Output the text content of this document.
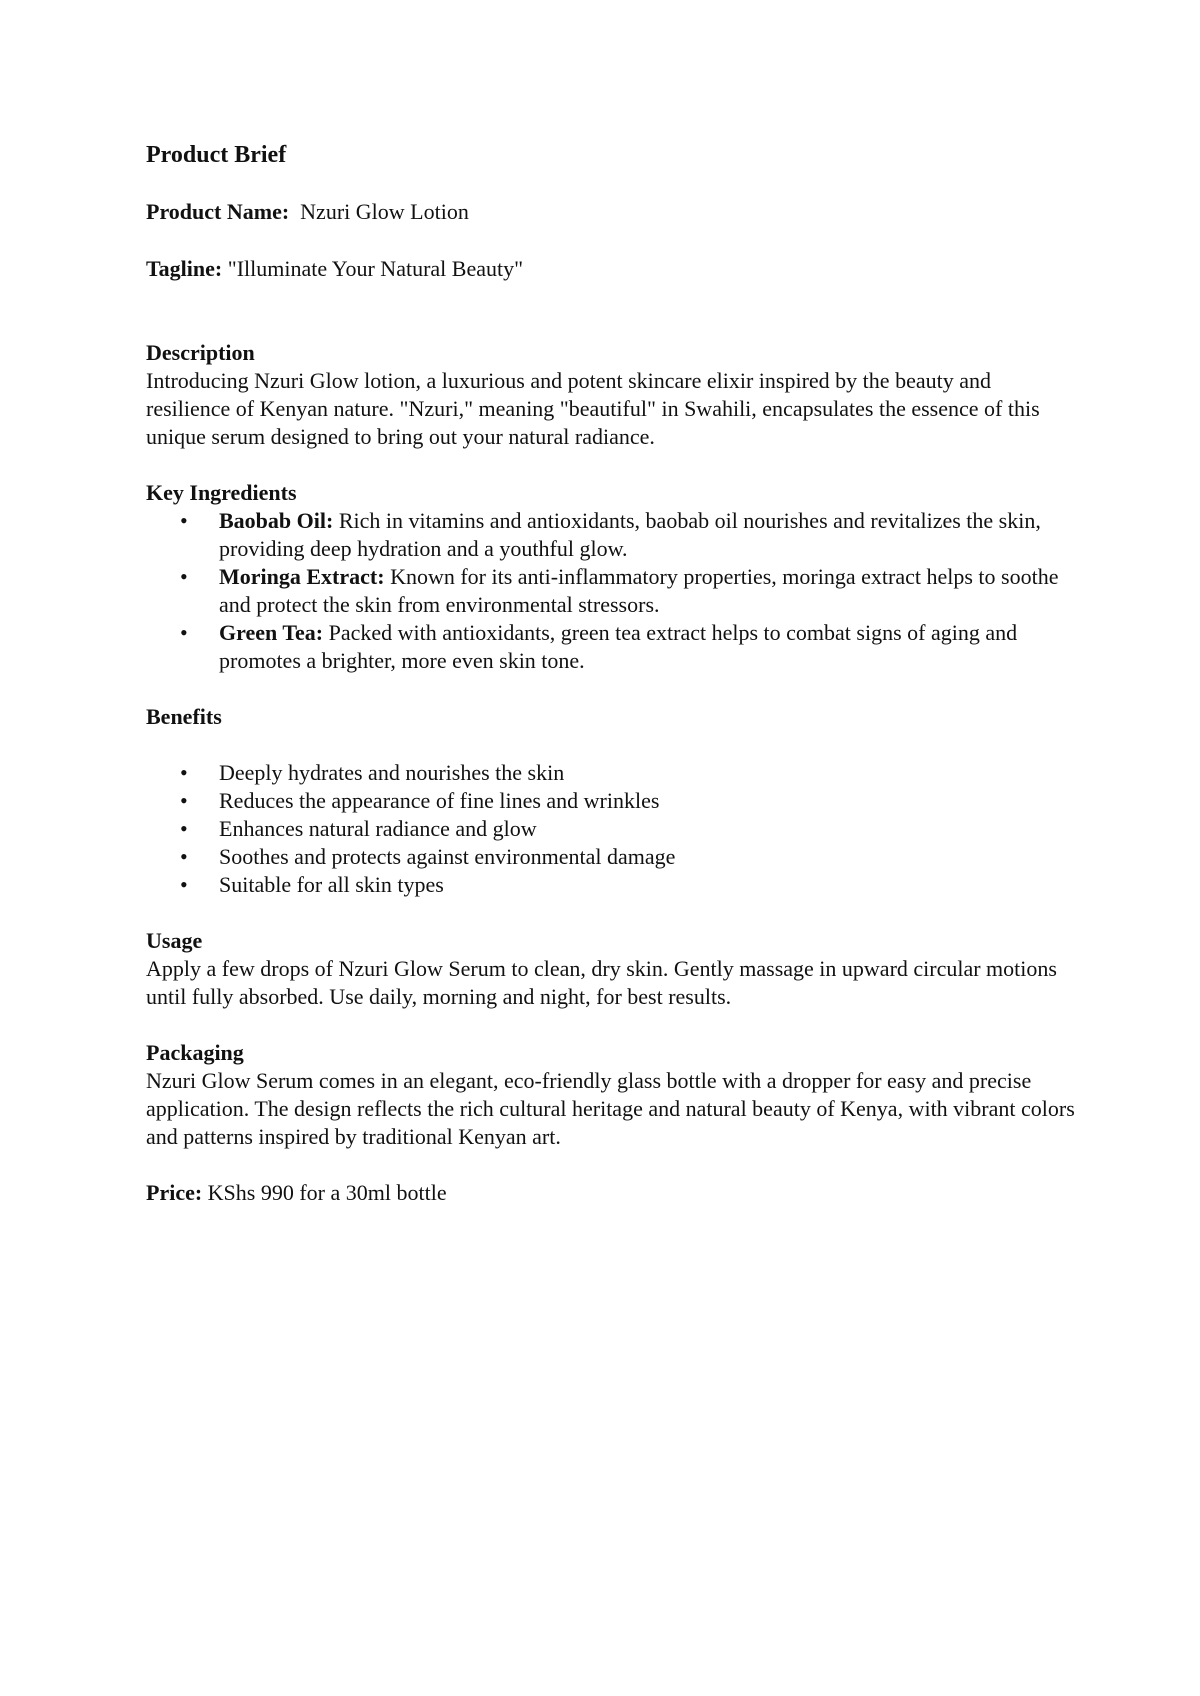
Product Brief

Product Name: Nzuri Glow Lotion

Tagline: "Illuminate Your Natural Beauty"

Description

Introducing Nzuri Glow lotion, a luxurious and potent skincare elixir inspired by the beauty and resilience of Kenyan nature. "Nzuri," meaning "beautiful" in Swahili, encapsulates the essence of this unique serum designed to bring out your natural radiance.

Key Ingredients

• Baobab Oil: Rich in vitamins and antioxidants, baobab oil nourishes and revitalizes the skin, providing deep hydration and a youthful glow.
• Moringa Extract: Known for its anti-inflammatory properties, moringa extract helps to soothe and protect the skin from environmental stressors.
• Green Tea: Packed with antioxidants, green tea extract helps to combat signs of aging and promotes a brighter, more even skin tone.

Benefits

• Deeply hydrates and nourishes the skin
• Reduces the appearance of fine lines and wrinkles
• Enhances natural radiance and glow
• Soothes and protects against environmental damage
• Suitable for all skin types

Usage

Apply a few drops of Nzuri Glow Serum to clean, dry skin. Gently massage in upward circular motions until fully absorbed. Use daily, morning and night, for best results.

Packaging

Nzuri Glow Serum comes in an elegant, eco-friendly glass bottle with a dropper for easy and precise application. The design reflects the rich cultural heritage and natural beauty of Kenya, with vibrant colors and patterns inspired by traditional Kenyan art.

Price: KShs 990 for a 30ml bottle
